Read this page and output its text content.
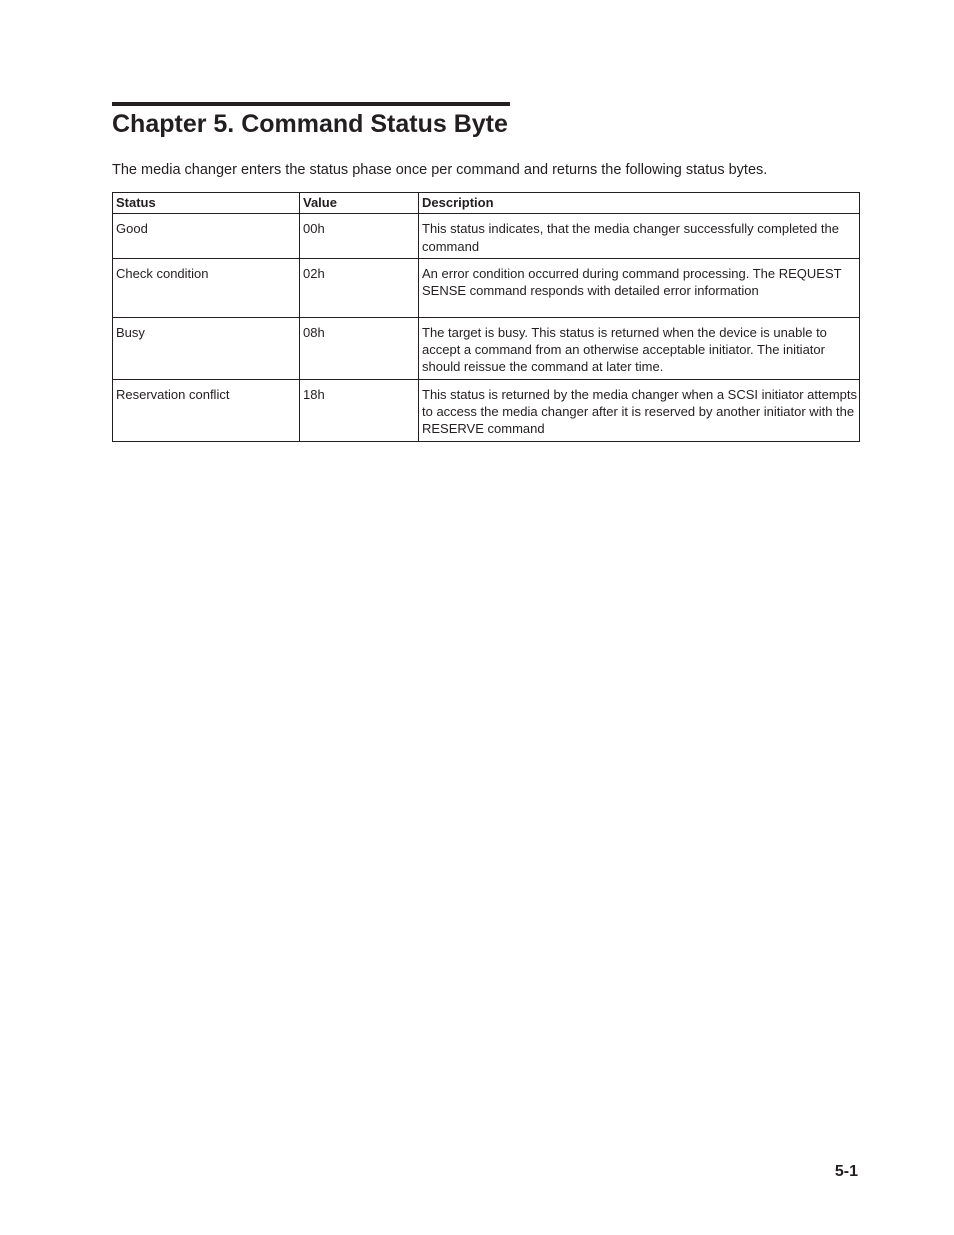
Chapter 5. Command Status Byte

The media changer enters the status phase once per command and returns the following status bytes.

Status	Value	Description
Good	00h	This status indicates, that the media changer successfully completed the command
Check condition	02h	An error condition occurred during command processing. The REQUEST SENSE command responds with detailed error information
Busy	08h	The target is busy. This status is returned when the device is unable to accept a command from an otherwise acceptable initiator. The initiator should reissue the command at later time.
Reservation conflict	18h	This status is returned by the media changer when a SCSI initiator attempts to access the media changer after it is reserved by another initiator with the RESERVE command
5-1
